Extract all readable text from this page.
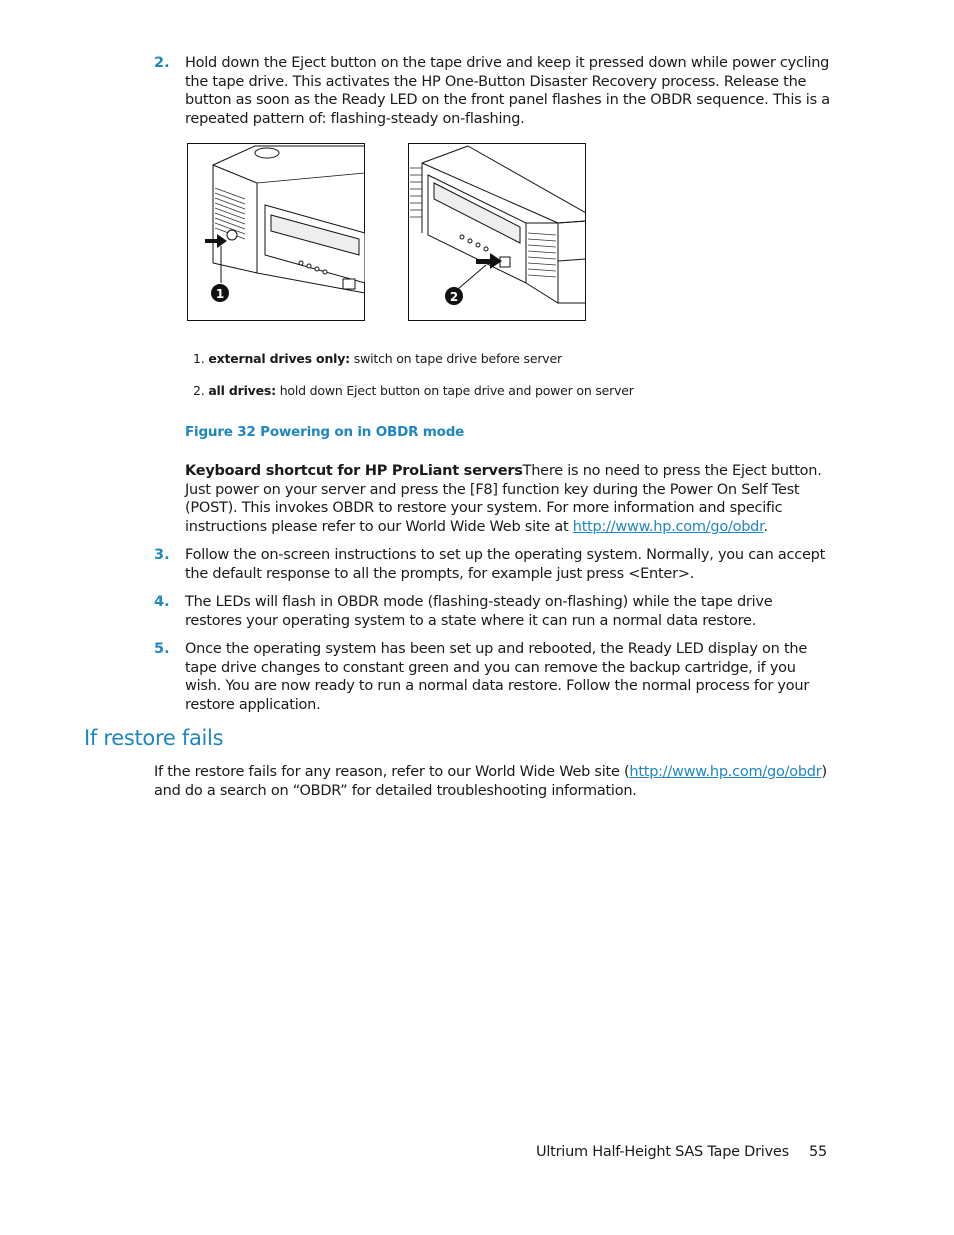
2. Hold down the Eject button on the tape drive and keep it pressed down while power cycling the tape drive. This activates the HP One-Button Disaster Recovery process. Release the button as soon as the Ready LED on the front panel flashes in the OBDR sequence. This is a repeated pattern of: flashing-steady on-flashing.
1	2
1. external drives only: switch on tape drive before server
2. all drives: hold down Eject button on tape drive and power on server
Figure 32 Powering on in OBDR mode
Keyboard shortcut for HP ProLiant serversThere is no need to press the Eject button. Just power on your server and press the [F8] function key during the Power On Self Test (POST). This invokes OBDR to restore your system. For more information and specific instructions please refer to our World Wide Web site at http://www.hp.com/go/obdr.
3. Follow the on-screen instructions to set up the operating system. Normally, you can accept the default response to all the prompts, for example just press <Enter>.
4. The LEDs will flash in OBDR mode (flashing-steady on-flashing) while the tape drive restores your operating system to a state where it can run a normal data restore.
5. Once the operating system has been set up and rebooted, the Ready LED display on the tape drive changes to constant green and you can remove the backup cartridge, if you wish. You are now ready to run a normal data restore. Follow the normal process for your restore application.
If restore fails
If the restore fails for any reason, refer to our World Wide Web site (http://www.hp.com/go/obdr) and do a search on “OBDR” for detailed troubleshooting information.
Ultrium Half-Height SAS Tape Drives 55
